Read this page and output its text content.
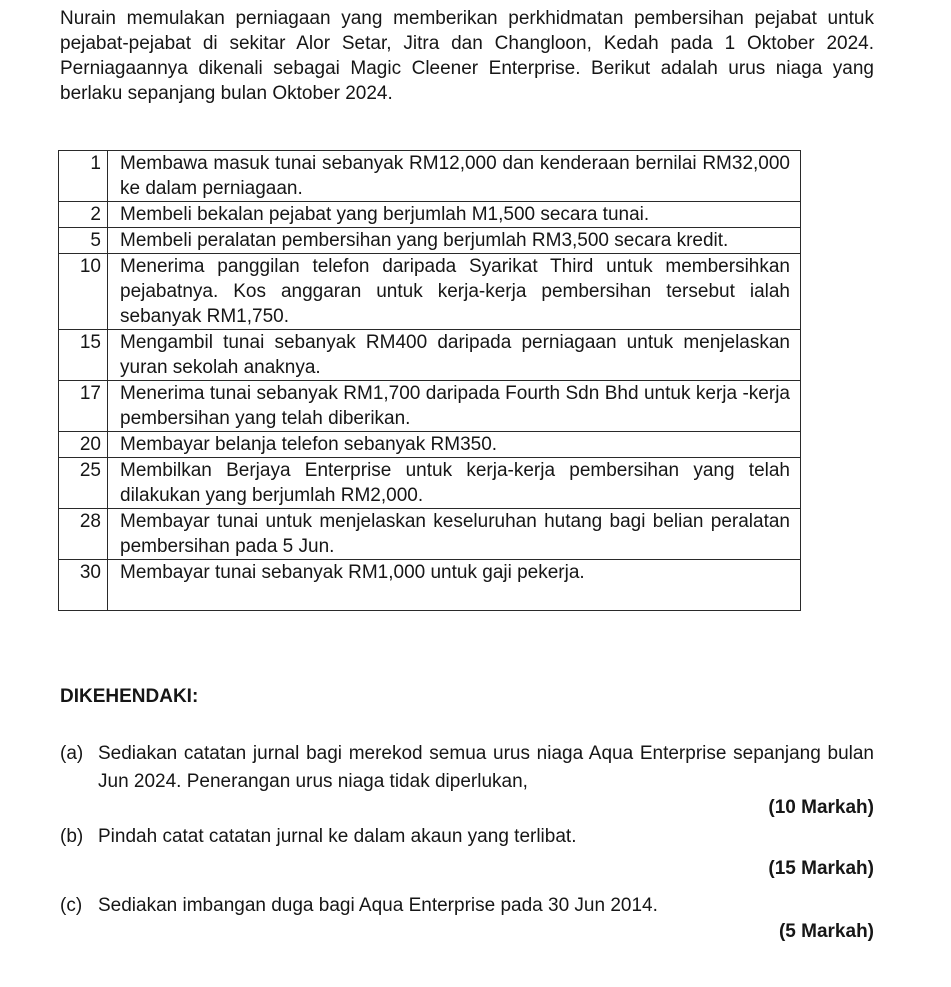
Nurain memulakan perniagaan yang memberikan perkhidmatan pembersihan pejabat untuk pejabat-pejabat di sekitar Alor Setar, Jitra dan Changloon, Kedah pada 1 Oktober 2024. Perniagaannya dikenali sebagai Magic Cleener Enterprise. Berikut adalah urus niaga yang berlaku sepanjang bulan Oktober 2024.

1	Membawa masuk tunai sebanyak RM12,000 dan kenderaan bernilai RM32,000 ke dalam perniagaan.
2	Membeli bekalan pejabat yang berjumlah M1,500 secara tunai.
5	Membeli peralatan pembersihan yang berjumlah RM3,500 secara kredit.
10	Menerima panggilan telefon daripada Syarikat Third untuk membersihkan pejabatnya. Kos anggaran untuk kerja-kerja pembersihan tersebut ialah sebanyak RM1,750.
15	Mengambil tunai sebanyak RM400 daripada perniagaan untuk menjelaskan yuran sekolah anaknya.
17	Menerima tunai sebanyak RM1,700 daripada Fourth Sdn Bhd untuk kerja -kerja pembersihan yang telah diberikan.
20	Membayar belanja telefon sebanyak RM350.
25	Membilkan Berjaya Enterprise untuk kerja-kerja pembersihan yang telah dilakukan yang berjumlah RM2,000.
28	Membayar tunai untuk menjelaskan keseluruhan hutang bagi belian peralatan pembersihan pada 5 Jun.
30	Membayar tunai sebanyak RM1,000 untuk gaji pekerja.

DIKEHENDAKI:

(a) Sediakan catatan jurnal bagi merekod semua urus niaga Aqua Enterprise sepanjang bulan Jun 2024. Penerangan urus niaga tidak diperlukan,
(10 Markah)
(b) Pindah catat catatan jurnal ke dalam akaun yang terlibat.
(15 Markah)
(c) Sediakan imbangan duga bagi Aqua Enterprise pada 30 Jun 2014.
(5 Markah)
